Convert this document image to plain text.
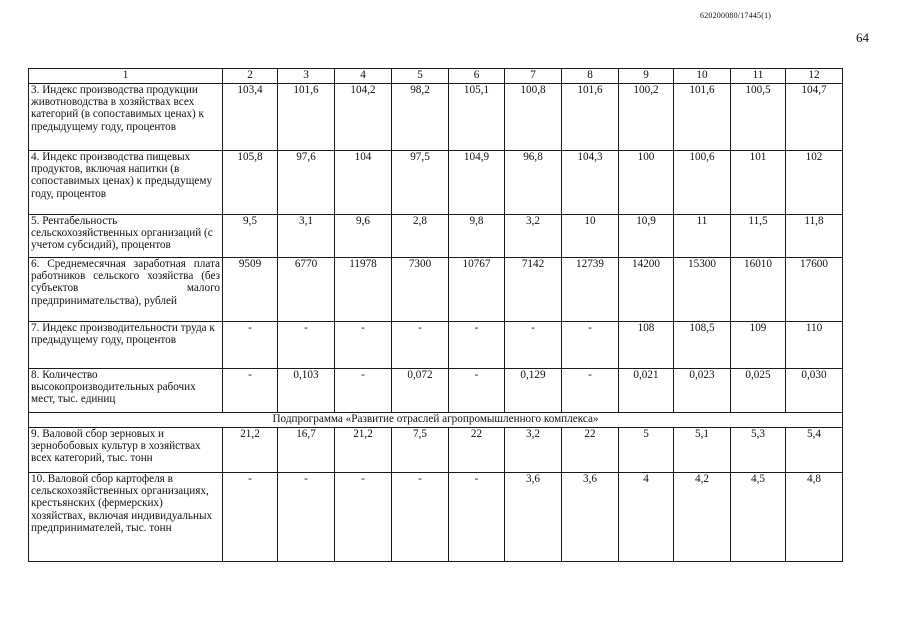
620200080/17445(1)
64
1	2	3	4	5	6	7	8	9	10	11	12
3. Индекс производства продукции животноводства в хозяйствах всех категорий (в сопоставимых ценах) к предыдущему году, процентов	103,4	101,6	104,2	98,2	105,1	100,8	101,6	100,2	101,6	100,5	104,7
4. Индекс производства пищевых продуктов, включая напитки (в сопоставимых ценах) к предыдущему году, процентов	105,8	97,6	104	97,5	104,9	96,8	104,3	100	100,6	101	102
5. Рентабельность сельскохозяйственных организаций (с учетом субсидий), процентов	9,5	3,1	9,6	2,8	9,8	3,2	10	10,9	11	11,5	11,8
6. Среднемесячная заработная плата работников сельского хозяйства (без субъектов малого предпринимательства), рублей	9509	6770	11978	7300	10767	7142	12739	14200	15300	16010	17600
7. Индекс производительности труда к предыдущему году, процентов	-	-	-	-	-	-	-	108	108,5	109	110
8. Количество высокопроизводительных рабочих мест, тыс. единиц	-	0,103	-	0,072	-	0,129	-	0,021	0,023	0,025	0,030
Подпрограмма «Развитие отраслей агропромышленного комплекса»											
9. Валовой сбор зерновых и зернобобовых культур в хозяйствах всех категорий, тыс. тонн	21,2	16,7	21,2	7,5	22	3,2	22	5	5,1	5,3	5,4
10. Валовой сбор картофеля в сельскохозяйственных организациях, крестьянских (фермерских) хозяйствах, включая индивидуальных предпринимателей, тыс. тонн	-	-	-	-	-	3,6	3,6	4	4,2	4,5	4,8
